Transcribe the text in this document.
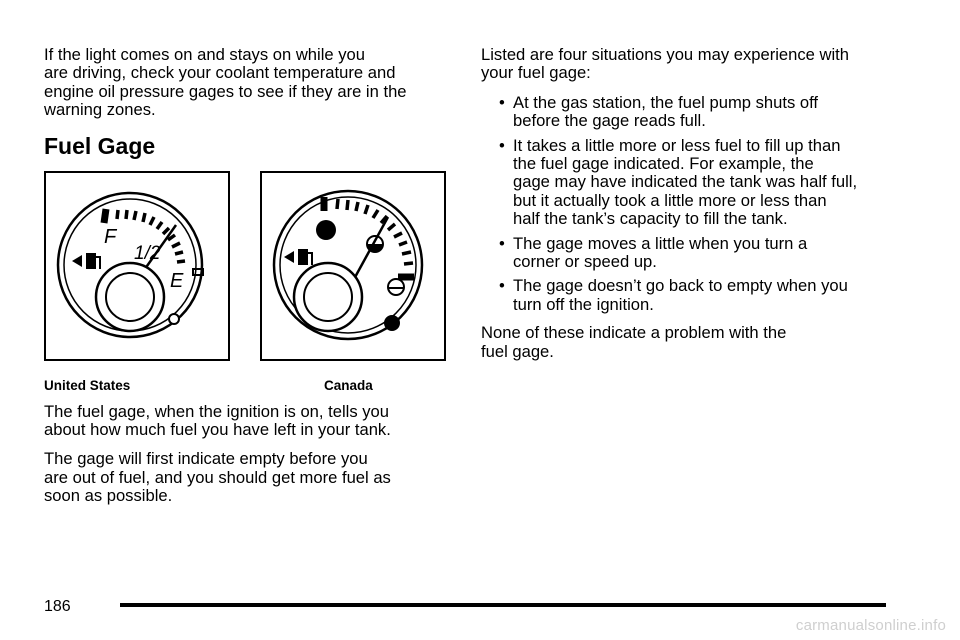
If the light comes on and stays on while you
are driving, check your coolant temperature and
engine oil pressure gages to see if they are in the
warning zones.

Fuel Gage
F
1/2
E

The fuel gage, when the ignition is on, tells you
about how much fuel you have left in your tank.

The gage will first indicate empty before you
are out of fuel, and you should get more fuel as
soon as possible.

United States	Canada

Listed are four situations you may experience with
your fuel gage:

• At the gas station, the fuel pump shuts off
before the gage reads full.
• It takes a little more or less fuel to fill up than
the fuel gage indicated. For example, the
gage may have indicated the tank was half full,
but it actually took a little more or less than
half the tank’s capacity to fill the tank.
• The gage moves a little when you turn a
corner or speed up.
• The gage doesn’t go back to empty when you
turn off the ignition.

None of these indicate a problem with the
fuel gage.

186
carmanualsonline.info
